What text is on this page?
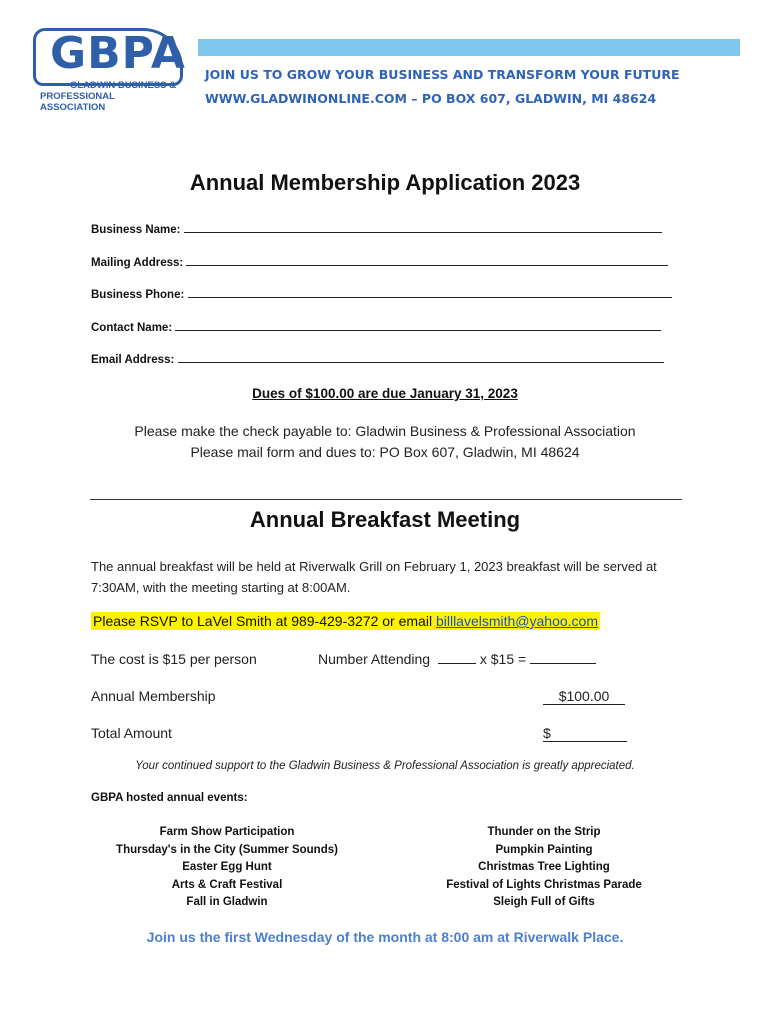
GBPA
GLADWIN BUSINESS &
PROFESSIONAL ASSOCIATION
JOIN US TO GROW YOUR BUSINESS AND TRANSFORM YOUR FUTURE
WWW.GLADWINONLINE.COM – PO BOX 607, GLADWIN, MI 48624
Annual Membership Application 2023
Business Name:
Mailing Address:
Business Phone:
Contact Name:
Email Address:
Dues of $100.00 are due January 31, 2023
Please make the check payable to: Gladwin Business & Professional Association
Please mail form and dues to: PO Box 607, Gladwin, MI 48624
Annual Breakfast Meeting
The annual breakfast will be held at Riverwalk Grill on February 1, 2023 breakfast will be served at 7:30AM, with the meeting starting at 8:00AM.
Please RSVP to LaVel Smith at 989-429-3272 or email billlavelsmith@yahoo.com
The cost is $15 per person	Number Attending	x $15 =
Annual Membership	$100.00
Total Amount	$
Your continued support to the Gladwin Business & Professional Association is greatly appreciated.
GBPA hosted annual events:
Farm Show Participation
Thursday's in the City (Summer Sounds)
Easter Egg Hunt
Arts & Craft Festival
Fall in Gladwin
Thunder on the Strip
Pumpkin Painting
Christmas Tree Lighting
Festival of Lights Christmas Parade
Sleigh Full of Gifts
Join us the first Wednesday of the month at 8:00 am at Riverwalk Place.
